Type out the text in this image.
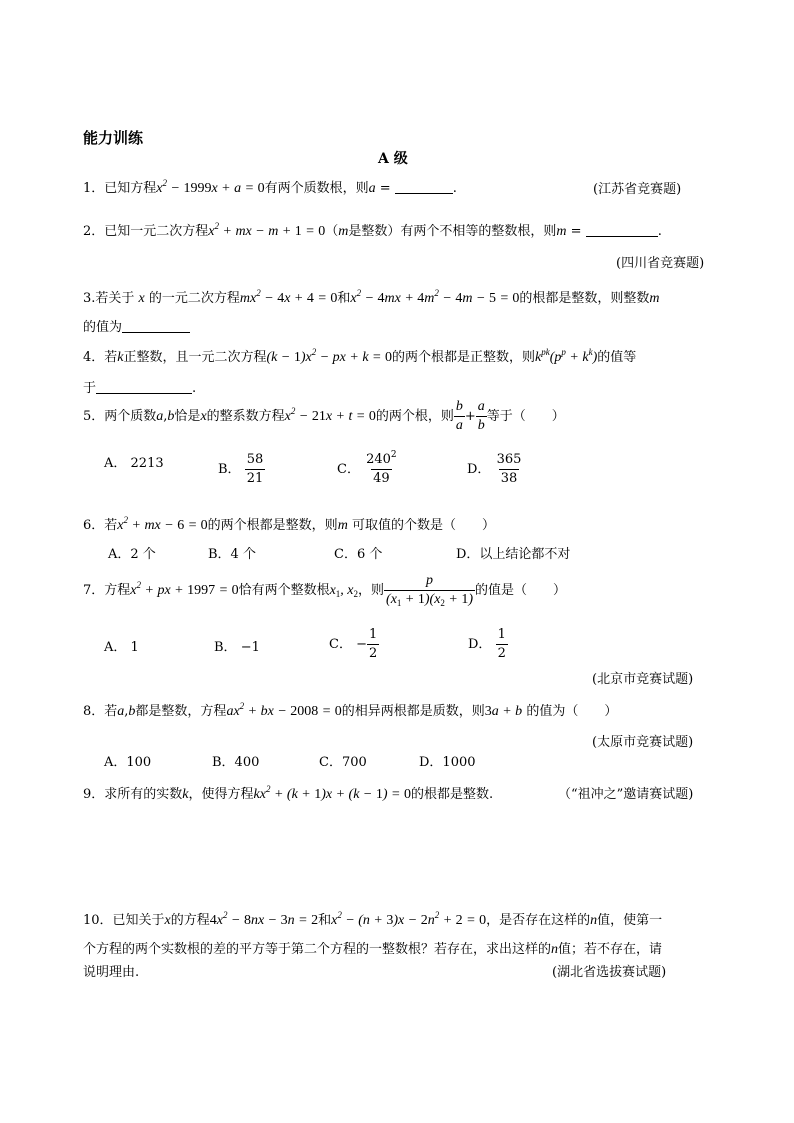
能力训练
A 级
1．已知方程$x^2 - 1999x + a = 0$有两个质数根，则a =	.	(江苏省竞赛题)
2．已知一元二次方程$x^2$ + mx − m + 1 = 0（m是整数）有两个不相等的整数根，则m =	.
(四川省竞赛题)
3.若关于 x 的一元二次方程$mx^2 - 4x + 4 = 0$和$x^2 - 4mx + 4m^2 - 4m - 5 = 0$的根都是整数，则整数m
的值为
4．若k正整数，且一元二次方程$(k - 1)x^2$ − px + k = 0的两个根都是正整数，则$k^{pk}(p^p + k^k)$的值等
于	.
5．两个质数a,b恰是x的整系数方程$x^2 - 21x + t = 0$的两个根，则 $\frac{b}{a} + \frac{a}{b}$ 等于（　　）
A． 2213	B． $\frac{58}{21}$	C． $\frac{240^2}{49}$	D． $\frac{365}{38}$
6．若$x^2$ + mx − 6 = 0的两个根都是整数，则m 可取值的个数是（　　）
A．2 个	B．4 个	C．6 个	D．以上结论都不对
7．方程$x^2$ + px + 1997 = 0恰有两个整数根$x_1$, $x_2$，则 $\frac{p}{(x_1 + 1)(x_2 + 1)}$ 的值是（　　）
A． 1	B． −1	C． − $\frac{1}{2}$	D． $\frac{1}{2}$
(北京市竞赛试题)
8．若a,b都是整数，方程$ax^2$ + bx − 2008 = 0的相异两根都是质数，则3a + b 的值为（　　）
(太原市竞赛试题)
A．100	B．400	C．700	D．1000
9．求所有的实数k，使得方程$kx^2 + (k + 1)x + (k - 1) = 0$的根都是整数.	（“祖冲之”邀请赛试题)
10．已知关于x的方程$4x^2 - 8nx - 3n = 2$和$x^2 - (n + 3)x - 2n^2 + 2 = 0$，是否存在这样的n值，使第一
个方程的两个实数根的差的平方等于第二个方程的一整数根？若存在，求出这样的n值；若不存在，请
说明理由.	(湖北省选拔赛试题)
